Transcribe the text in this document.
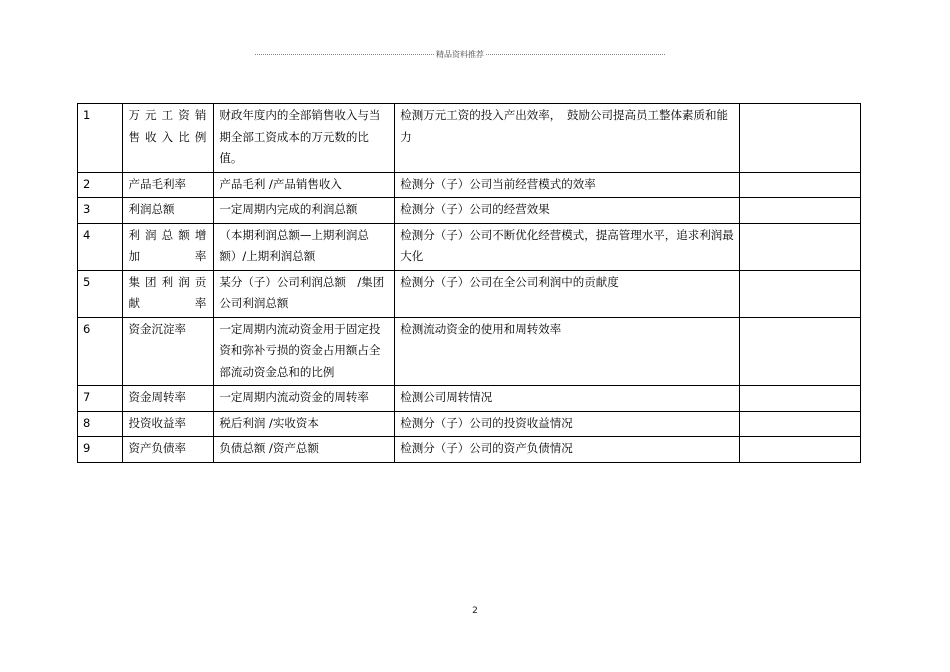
精品资料推荐
1	万元工资销售收入比例	财政年度内的全部销售收入与当期全部工资成本的万元数的比值。	检测万元工资的投入产出效率，　鼓励公司提高员工整体素质和能力	
2	产品毛利率	产品毛利 /产品销售收入	检测分（子）公司当前经营模式的效率	
3	利润总额	一定周期内完成的利润总额	检测分（子）公司的经营效果	
4	利润总额增加率	（本期利润总额—上期利润总额）/上期利润总额	检测分（子）公司不断优化经营模式，提高管理水平，追求利润最大化	
5	集团利润贡献率	某分（子）公司利润总额　/集团公司利润总额	检测分（子）公司在全公司利润中的贡献度	
6	资金沉淀率	一定周期内流动资金用于固定投资和弥补亏损的资金占用额占全部流动资金总和的比例	检测流动资金的使用和周转效率	
7	资金周转率	一定周期内流动资金的周转率	检测公司周转情况	
8	投资收益率	税后利润 /实收资本	检测分（子）公司的投资收益情况	
9	资产负债率	负债总额 /资产总额	检测分（子）公司的资产负债情况	
2
